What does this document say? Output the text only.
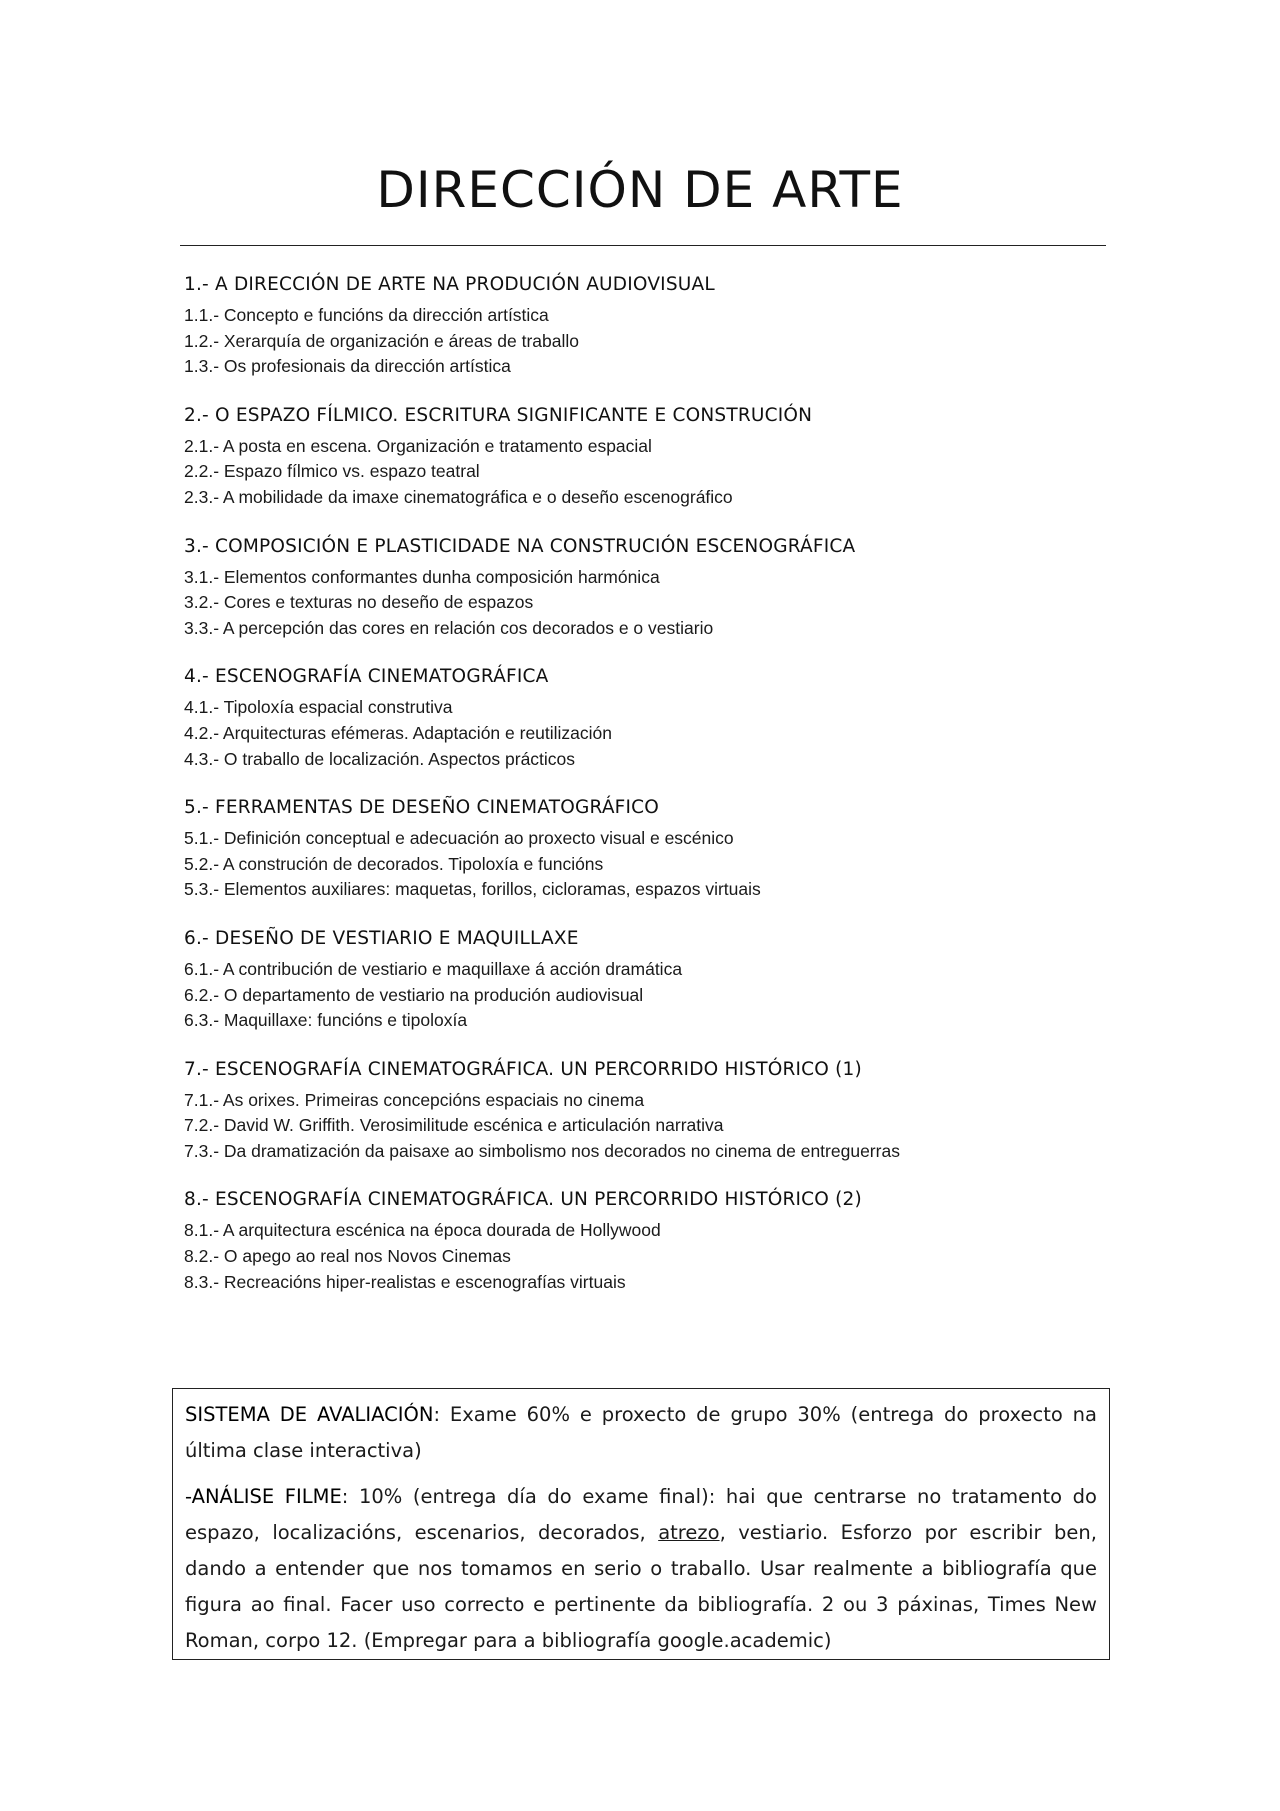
DIRECCIÓN DE ARTE
1.- A DIRECCIÓN DE ARTE NA PRODUCIÓN AUDIOVISUAL
1.1.- Concepto e funcións da dirección artística
1.2.- Xerarquía de organización e áreas de traballo
1.3.- Os profesionais da dirección artística
2.- O ESPAZO FÍLMICO. ESCRITURA SIGNIFICANTE E CONSTRUCIÓN
2.1.- A posta en escena. Organización e tratamento espacial
2.2.- Espazo fílmico vs. espazo teatral
2.3.- A mobilidade da imaxe cinematográfica e o deseño escenográfico
3.- COMPOSICIÓN E PLASTICIDADE NA CONSTRUCIÓN ESCENOGRÁFICA
3.1.- Elementos conformantes dunha composición harmónica
3.2.- Cores e texturas no deseño de espazos
3.3.- A percepción das cores en relación cos decorados e o vestiario
4.- ESCENOGRAFÍA CINEMATOGRÁFICA
4.1.- Tipoloxía espacial construtiva
4.2.- Arquitecturas efémeras. Adaptación e reutilización
4.3.- O traballo de localización. Aspectos prácticos
5.- FERRAMENTAS DE DESEÑO CINEMATOGRÁFICO
5.1.- Definición conceptual e adecuación ao proxecto visual e escénico
5.2.- A construción de decorados. Tipoloxía e funcións
5.3.- Elementos auxiliares: maquetas, forillos, cicloramas, espazos virtuais
6.- DESEÑO DE VESTIARIO E MAQUILLAXE
6.1.- A contribución de vestiario e maquillaxe á acción dramática
6.2.- O departamento de vestiario na produción audiovisual
6.3.- Maquillaxe: funcións e tipoloxía
7.- ESCENOGRAFÍA CINEMATOGRÁFICA. UN PERCORRIDO HISTÓRICO (1)
7.1.- As orixes. Primeiras concepcións espaciais no cinema
7.2.- David W. Griffith. Verosimilitude escénica e articulación narrativa
7.3.- Da dramatización da paisaxe ao simbolismo nos decorados no cinema de entreguerras
8.- ESCENOGRAFÍA CINEMATOGRÁFICA. UN PERCORRIDO HISTÓRICO (2)
8.1.- A arquitectura escénica na época dourada de Hollywood
8.2.- O apego ao real nos Novos Cinemas
8.3.- Recreacións hiper-realistas e escenografías virtuais

SISTEMA DE AVALIACIÓN: Exame 60% e proxecto de grupo 30% (entrega do proxecto na última clase interactiva)

-ANÁLISE FILME: 10% (entrega día do exame final): hai que centrarse no tratamento do espazo, localizacións, escenarios, decorados, atrezo, vestiario. Esforzo por escribir ben, dando a entender que nos tomamos en serio o traballo. Usar realmente a bibliografía que figura ao final. Facer uso correcto e pertinente da bibliografía. 2 ou 3 páxinas, Times New Roman, corpo 12. (Empregar para a bibliografía google.academic)
